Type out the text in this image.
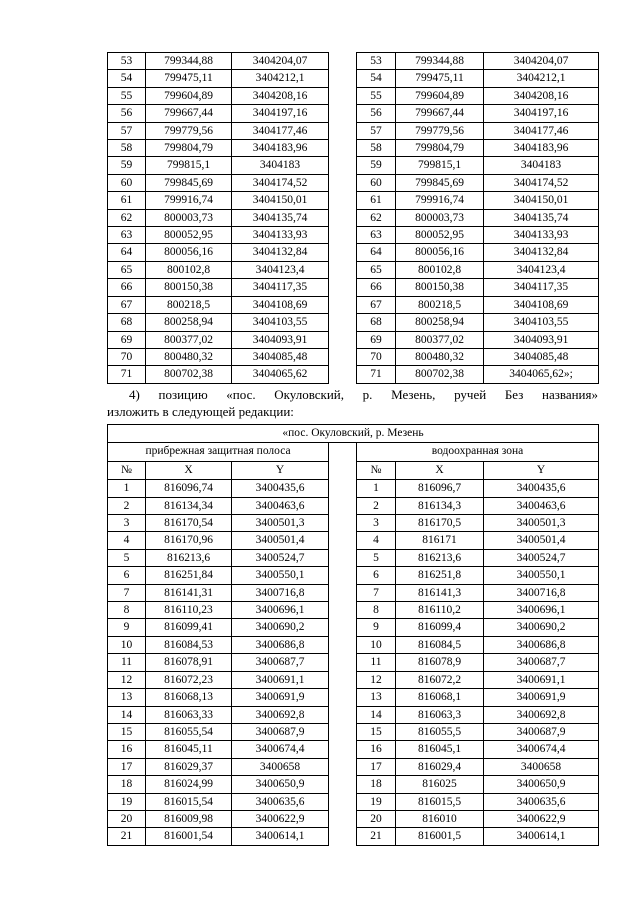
53	799344,88	3404204,07		53	799344,88	3404204,07
54	799475,11	3404212,1		54	799475,11	3404212,1
55	799604,89	3404208,16		55	799604,89	3404208,16
56	799667,44	3404197,16		56	799667,44	3404197,16
57	799779,56	3404177,46		57	799779,56	3404177,46
58	799804,79	3404183,96		58	799804,79	3404183,96
59	799815,1	3404183		59	799815,1	3404183
60	799845,69	3404174,52		60	799845,69	3404174,52
61	799916,74	3404150,01		61	799916,74	3404150,01
62	800003,73	3404135,74		62	800003,73	3404135,74
63	800052,95	3404133,93		63	800052,95	3404133,93
64	800056,16	3404132,84		64	800056,16	3404132,84
65	800102,8	3404123,4		65	800102,8	3404123,4
66	800150,38	3404117,35		66	800150,38	3404117,35
67	800218,5	3404108,69		67	800218,5	3404108,69
68	800258,94	3404103,55		68	800258,94	3404103,55
69	800377,02	3404093,91		69	800377,02	3404093,91
70	800480,32	3404085,48		70	800480,32	3404085,48
71	800702,38	3404065,62		71	800702,38	3404065,62»;
4) позицию «пос. Окуловский, р. Мезень, ручей Без названия»
изложить в следующей редакции:
«пос. Окуловский, р. Мезень						
прибрежная защитная полоса				водоохранная зона		
№	X	Y		№	X	Y
1	816096,74	3400435,6		1	816096,7	3400435,6
2	816134,34	3400463,6		2	816134,3	3400463,6
3	816170,54	3400501,3		3	816170,5	3400501,3
4	816170,96	3400501,4		4	816171	3400501,4
5	816213,6	3400524,7		5	816213,6	3400524,7
6	816251,84	3400550,1		6	816251,8	3400550,1
7	816141,31	3400716,8		7	816141,3	3400716,8
8	816110,23	3400696,1		8	816110,2	3400696,1
9	816099,41	3400690,2		9	816099,4	3400690,2
10	816084,53	3400686,8		10	816084,5	3400686,8
11	816078,91	3400687,7		11	816078,9	3400687,7
12	816072,23	3400691,1		12	816072,2	3400691,1
13	816068,13	3400691,9		13	816068,1	3400691,9
14	816063,33	3400692,8		14	816063,3	3400692,8
15	816055,54	3400687,9		15	816055,5	3400687,9
16	816045,11	3400674,4		16	816045,1	3400674,4
17	816029,37	3400658		17	816029,4	3400658
18	816024,99	3400650,9		18	816025	3400650,9
19	816015,54	3400635,6		19	816015,5	3400635,6
20	816009,98	3400622,9		20	816010	3400622,9
21	816001,54	3400614,1		21	816001,5	3400614,1
